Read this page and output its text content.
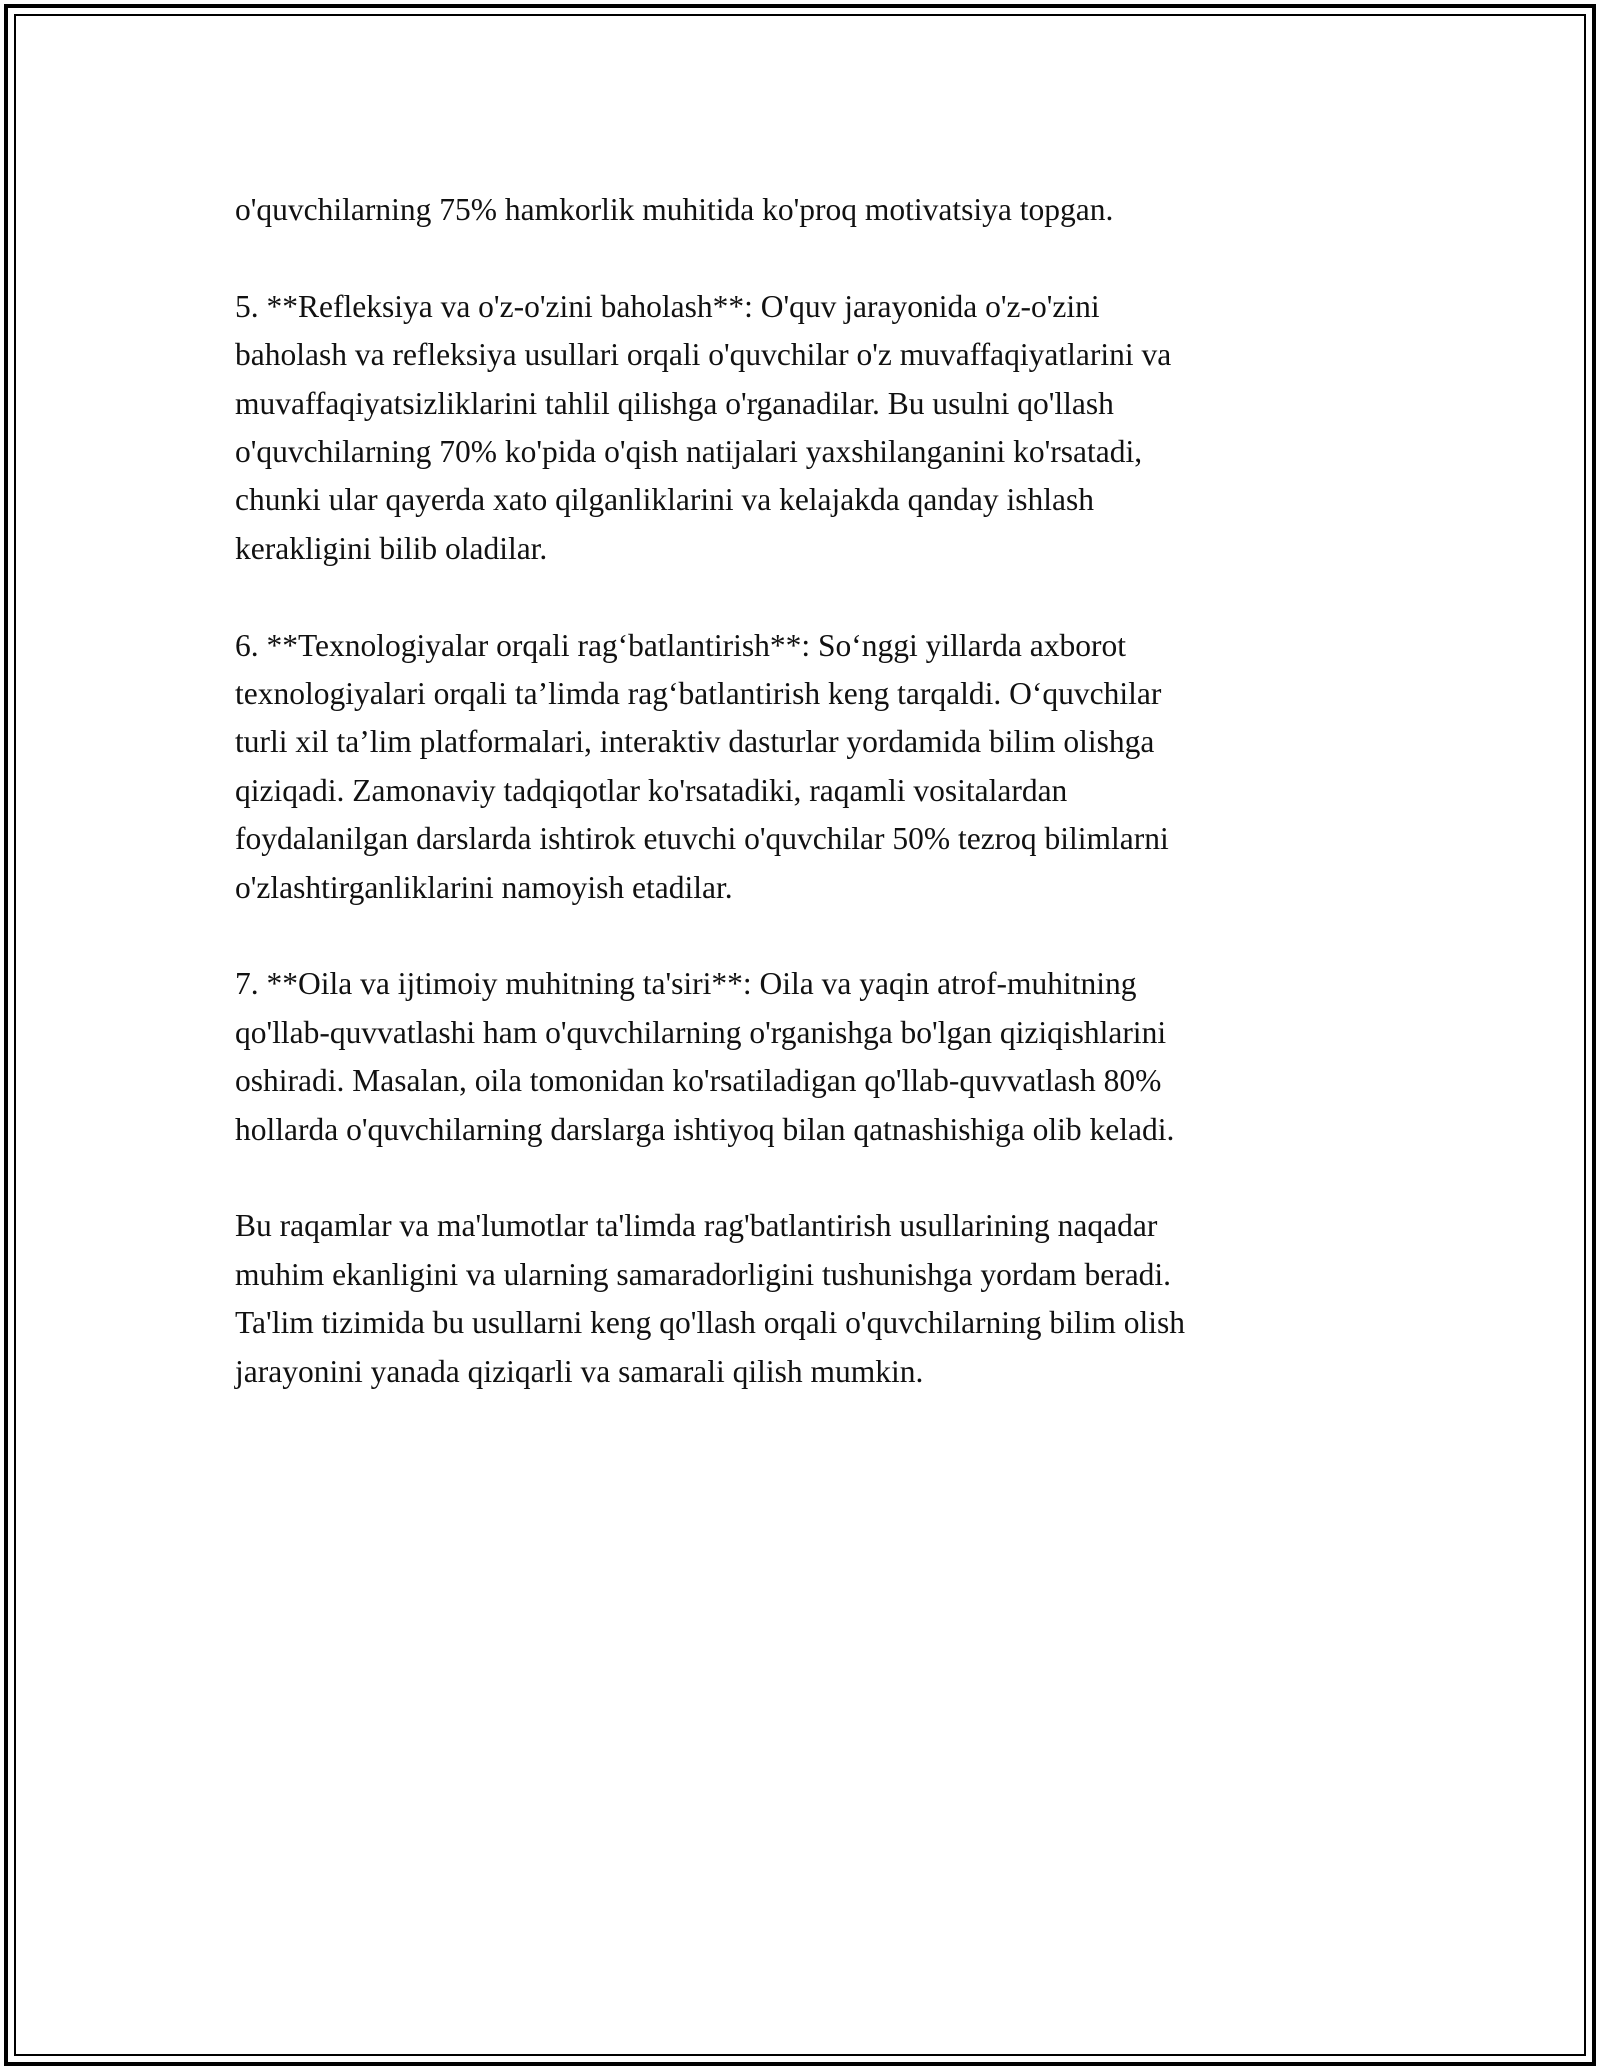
o'quvchilarning 75% hamkorlik muhitida ko'proq motivatsiya topgan.
5. **Refleksiya va o'z-o'zini baholash**: O'quv jarayonida o'z-o'zini
baholash va refleksiya usullari orqali o'quvchilar o'z muvaffaqiyatlarini va
muvaffaqiyatsizliklarini tahlil qilishga o'rganadilar. Bu usulni qo'llash
o'quvchilarning 70% ko'pida o'qish natijalari yaxshilanganini ko'rsatadi,
chunki ular qayerda xato qilganliklarini va kelajakda qanday ishlash
kerakligini bilib oladilar.
6. **Texnologiyalar orqali rag‘batlantirish**: So‘nggi yillarda axborot
texnologiyalari orqali ta’limda rag‘batlantirish keng tarqaldi. O‘quvchilar
turli xil ta’lim platformalari, interaktiv dasturlar yordamida bilim olishga
qiziqadi. Zamonaviy tadqiqotlar ko'rsatadiki, raqamli vositalardan
foydalanilgan darslarda ishtirok etuvchi o'quvchilar 50% tezroq bilimlarni
o'zlashtirganliklarini namoyish etadilar.
7. **Oila va ijtimoiy muhitning ta'siri**: Oila va yaqin atrof-muhitning
qo'llab-quvvatlashi ham o'quvchilarning o'rganishga bo'lgan qiziqishlarini
oshiradi. Masalan, oila tomonidan ko'rsatiladigan qo'llab-quvvatlash 80%
hollarda o'quvchilarning darslarga ishtiyoq bilan qatnashishiga olib keladi.
Bu raqamlar va ma'lumotlar ta'limda rag'batlantirish usullarining naqadar
muhim ekanligini va ularning samaradorligini tushunishga yordam beradi.
Ta'lim tizimida bu usullarni keng qo'llash orqali o'quvchilarning bilim olish
jarayonini yanada qiziqarli va samarali qilish mumkin.
